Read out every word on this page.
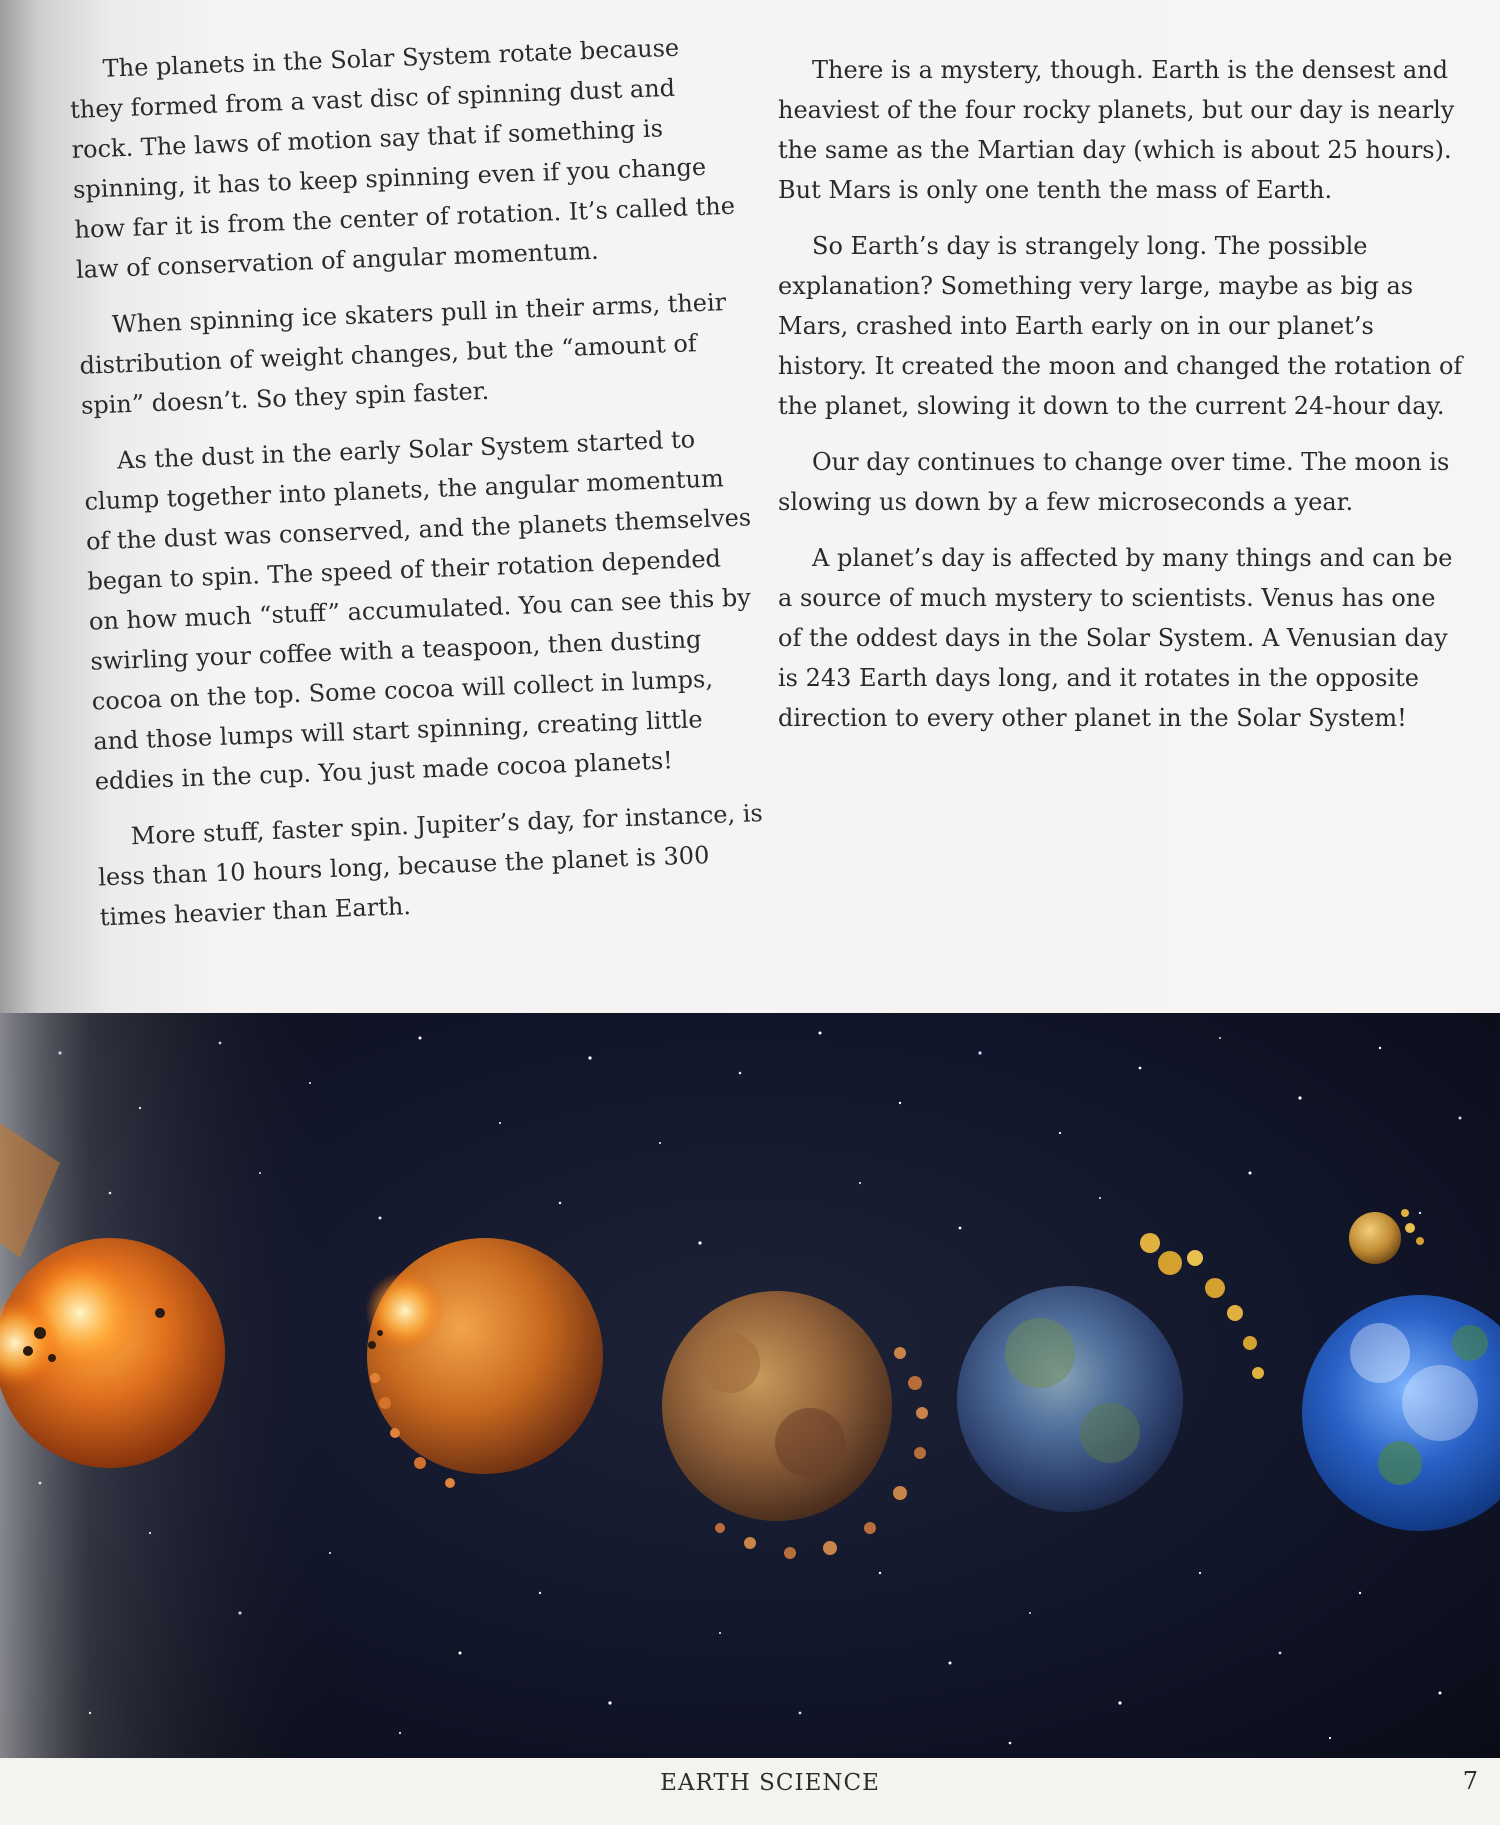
The planets in the Solar System rotate because they formed from a vast disc of spinning dust and rock. The laws of motion say that if something is spinning, it has to keep spinning even if you change how far it is from the center of rotation. It’s called the law of conservation of angular momentum.

When spinning ice skaters pull in their arms, their distribution of weight changes, but the “amount of spin” doesn’t. So they spin faster.

As the dust in the early Solar System started to clump together into planets, the angular momentum of the dust was conserved, and the planets themselves began to spin. The speed of their rotation depended on how much “stuff” accumulated. You can see this by swirling your coffee with a teaspoon, then dusting cocoa on the top. Some cocoa will collect in lumps, and those lumps will start spinning, creating little eddies in the cup. You just made cocoa planets!

More stuff, faster spin. Jupiter’s day, for instance, is less than 10 hours long, because the planet is 300 times heavier than Earth.

There is a mystery, though. Earth is the densest and heaviest of the four rocky planets, but our day is nearly the same as the Martian day (which is about 25 hours). But Mars is only one tenth the mass of Earth.

So Earth’s day is strangely long. The possible explanation? Something very large, maybe as big as Mars, crashed into Earth early on in our planet’s history. It created the moon and changed the rotation of the planet, slowing it down to the current 24-hour day.

Our day continues to change over time. The moon is slowing us down by a few microseconds a year.

A planet’s day is affected by many things and can be a source of much mystery to scientists. Venus has one of the oddest days in the Solar System. A Venusian day is 243 Earth days long, and it rotates in the opposite direction to every other planet in the Solar System!

EARTH SCIENCE	7
